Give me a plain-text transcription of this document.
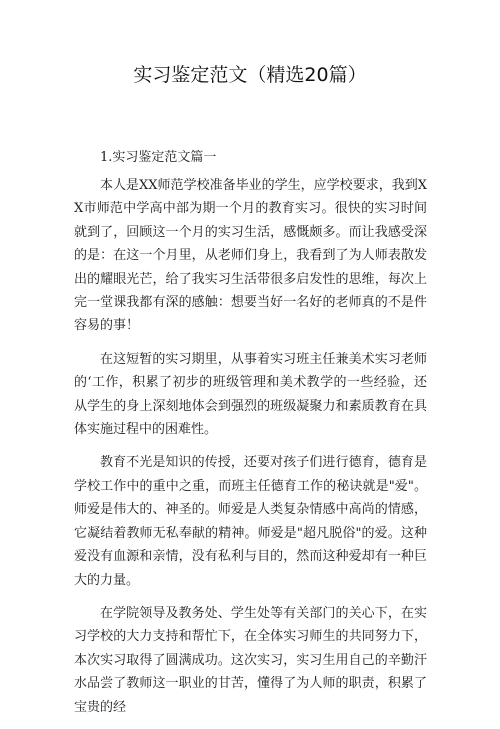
实习鉴定范文（精选20篇）
1.实习鉴定范文篇一

本人是XX师范学校准备毕业的学生，应学校要求，我到XX市师范中学高中部为期一个月的教育实习。很快的实习时间就到了，回顾这一个月的实习生活，感慨颇多。而让我感受深的是：在这一个月里，从老师们身上，我看到了为人师表散发出的耀眼光芒，给了我实习生活带很多启发性的思维，每次上完一堂课我都有深的感触：想要当好一名好的老师真的不是件容易的事！

在这短暂的实习期里，从事着实习班主任兼美术实习老师的‘工作，积累了初步的班级管理和美术教学的一些经验，还从学生的身上深刻地体会到强烈的班级凝聚力和素质教育在具体实施过程中的困难性。

教育不光是知识的传授，还要对孩子们进行德育，德育是学校工作中的重中之重，而班主任德育工作的秘诀就是"爱"。师爱是伟大的、神圣的。师爱是人类复杂情感中高尚的情感，它凝结着教师无私奉献的精神。师爱是"超凡脱俗"的爱。这种爱没有血源和亲情，没有私利与目的，然而这种爱却有一种巨大的力量。

在学院领导及教务处、学生处等有关部门的关心下，在实习学校的大力支持和帮忙下，在全体实习师生的共同努力下，本次实习取得了圆满成功。这次实习，实习生用自己的辛勤汗水品尝了教师这一职业的甘苦，懂得了为人师的职责，积累了宝贵的经
